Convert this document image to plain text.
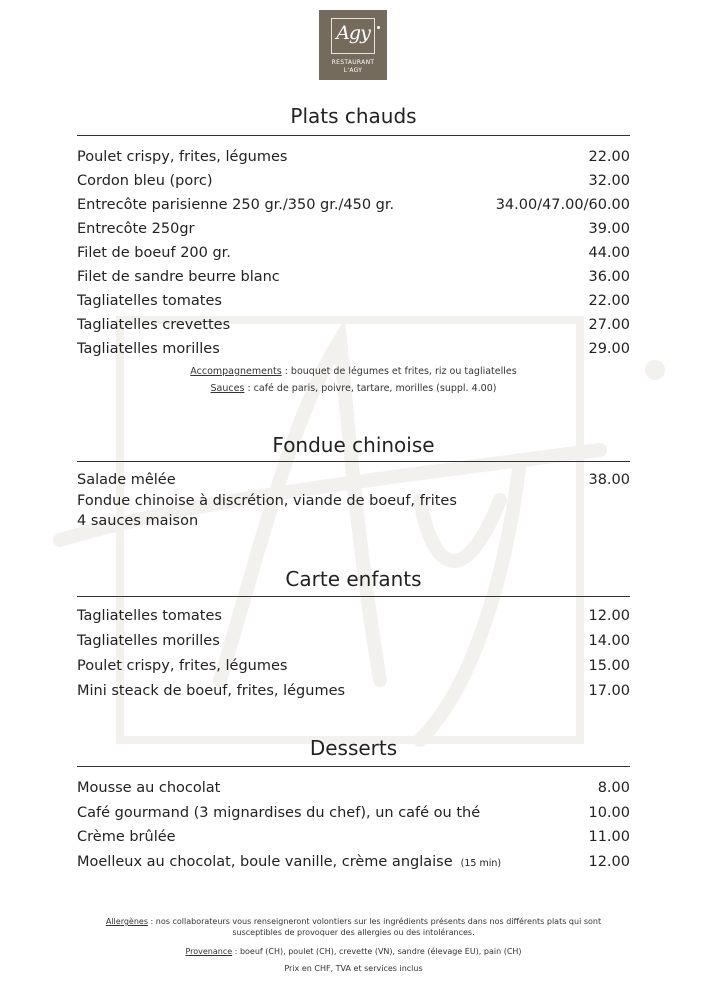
Agy
RESTAURANT
L'AGY
Plats chauds
Accompagnements : bouquet de légumes et frites, riz ou tagliatelles
Sauces : café de paris, poivre, tartare, morilles (suppl. 4.00)
Fondue chinoise
Carte enfants
Desserts
Poulet crispy, frites, légumes	22.00
Cordon bleu (porc)	32.00
Entrecôte parisienne 250 gr./350 gr./450 gr.	34.00/47.00/60.00
Entrecôte 250gr	39.00
Filet de boeuf 200 gr.	44.00
Filet de sandre beurre blanc	36.00
Tagliatelles tomates	22.00
Tagliatelles crevettes	27.00
Tagliatelles morilles	29.00
Salade mêlée	38.00
Fondue chinoise à discrétion, viande de boeuf, frites
4 sauces maison
Tagliatelles tomates	12.00
Tagliatelles morilles	14.00
Poulet crispy, frites, légumes	15.00
Mini steack de boeuf, frites, légumes	17.00
Mousse au chocolat	8.00
Café gourmand (3 mignardises du chef), un café ou thé	10.00
Crème brûlée	11.00
Moelleux au chocolat, boule vanille, crème anglaise (15 min)	12.00
Allergènes : nos collaborateurs vous renseigneront volontiers sur les ingrédients présents dans nos différents plats qui sont susceptibles de provoquer des allergies ou des intolérances.
Provenance : boeuf (CH), poulet (CH), crevette (VN), sandre (élevage EU), pain (CH)
Prix en CHF, TVA et services inclus
